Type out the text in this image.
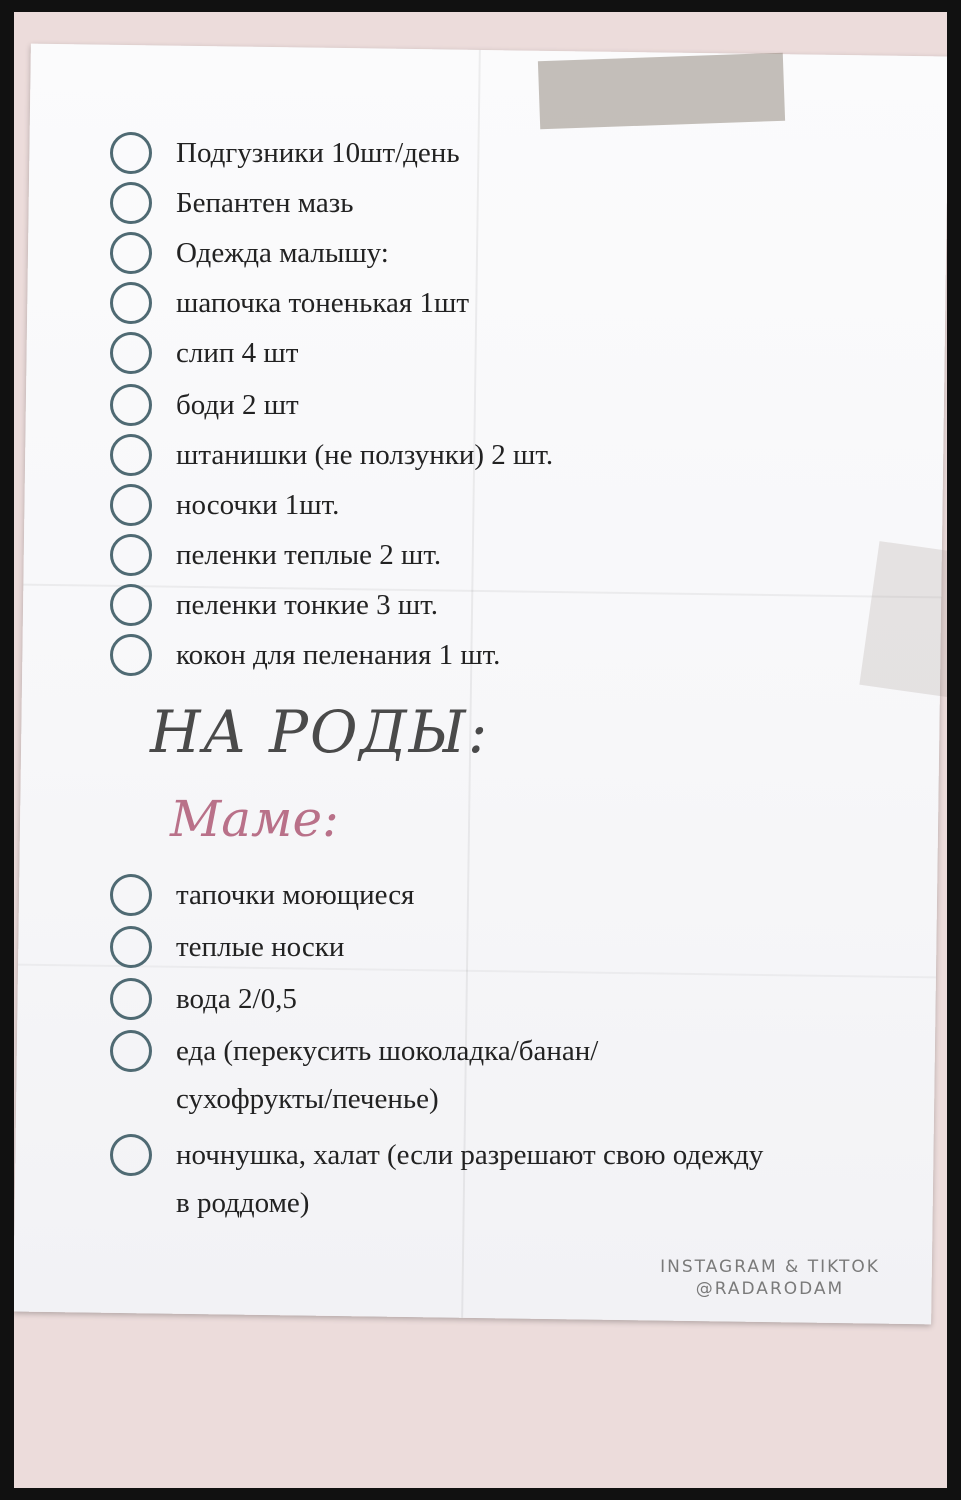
Подгузники 10шт/день
Бепантен мазь
Одежда малышу:
шапочка тоненькая 1шт
слип 4 шт
боди 2 шт
штанишки (не ползунки) 2 шт.
носочки 1шт.
пеленки теплые 2 шт.
пеленки тонкие 3 шт.
кокон для пеленания 1 шт.
НА РОДЫ:
Маме:
тапочки моющиеся
теплые носки
вода 2/0,5
еда (перекусить шоколадка/банан/
сухофрукты/печенье)
ночнушка, халат (если разрешают свою одежду
в роддоме)
INSTAGRAM & TIKTOK
@RADARODAM
